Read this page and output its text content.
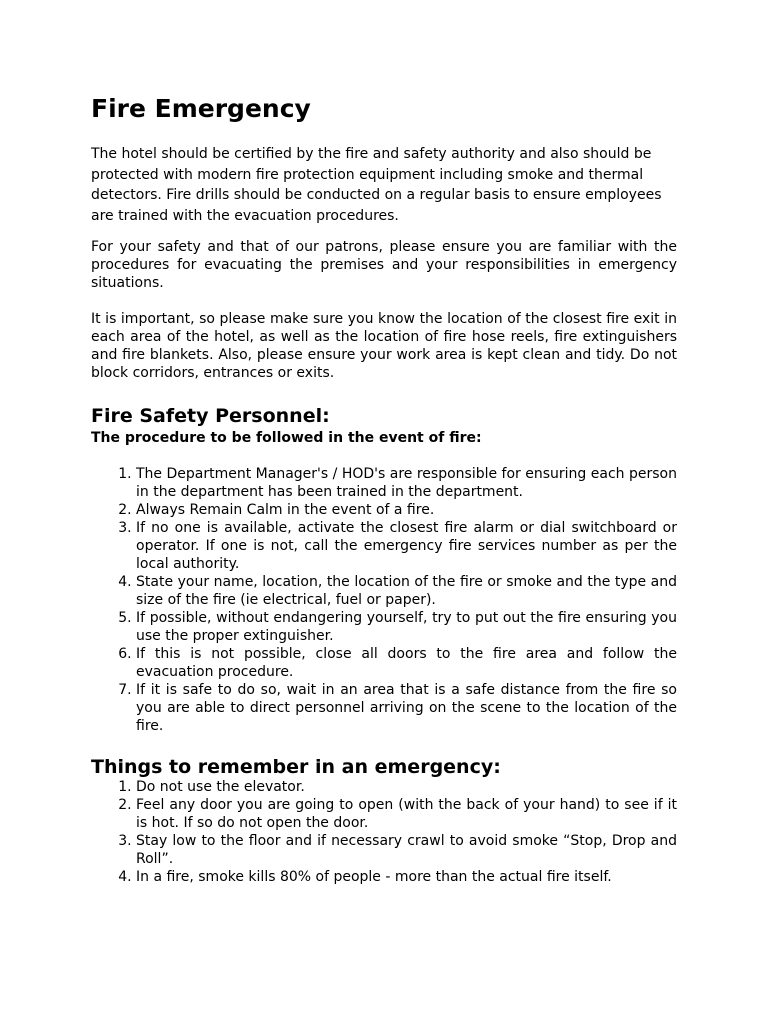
Fire Emergency

The hotel should be certified by the fire and safety authority and also should be protected with modern fire protection equipment including smoke and thermal detectors. Fire drills should be conducted on a regular basis to ensure employees are trained with the evacuation procedures.

For your safety and that of our patrons, please ensure you are familiar with the procedures for evacuating the premises and your responsibilities in emergency situations.

It is important, so please make sure you know the location of the closest fire exit in each area of the hotel, as well as the location of fire hose reels, fire extinguishers and fire blankets. Also, please ensure your work area is kept clean and tidy. Do not block corridors, entrances or exits.

Fire Safety Personnel:
The procedure to be followed in the event of fire:
1. The Department Manager's / HOD's are responsible for ensuring each person in the department has been trained in the department.
2. Always Remain Calm in the event of a fire.
3. If no one is available, activate the closest fire alarm or dial switchboard or operator. If one is not, call the emergency fire services number as per the local authority.
4. State your name, location, the location of the fire or smoke and the type and size of the fire (ie electrical, fuel or paper).
5. If possible, without endangering yourself, try to put out the fire ensuring you use the proper extinguisher.
6. If this is not possible, close all doors to the fire area and follow the evacuation procedure.
7. If it is safe to do so, wait in an area that is a safe distance from the fire so you are able to direct personnel arriving on the scene to the location of the fire.
Things to remember in an emergency:
1. Do not use the elevator.
2. Feel any door you are going to open (with the back of your hand) to see if it is hot. If so do not open the door.
3. Stay low to the floor and if necessary crawl to avoid smoke “Stop, Drop and Roll”.
4. In a fire, smoke kills 80% of people - more than the actual fire itself.
